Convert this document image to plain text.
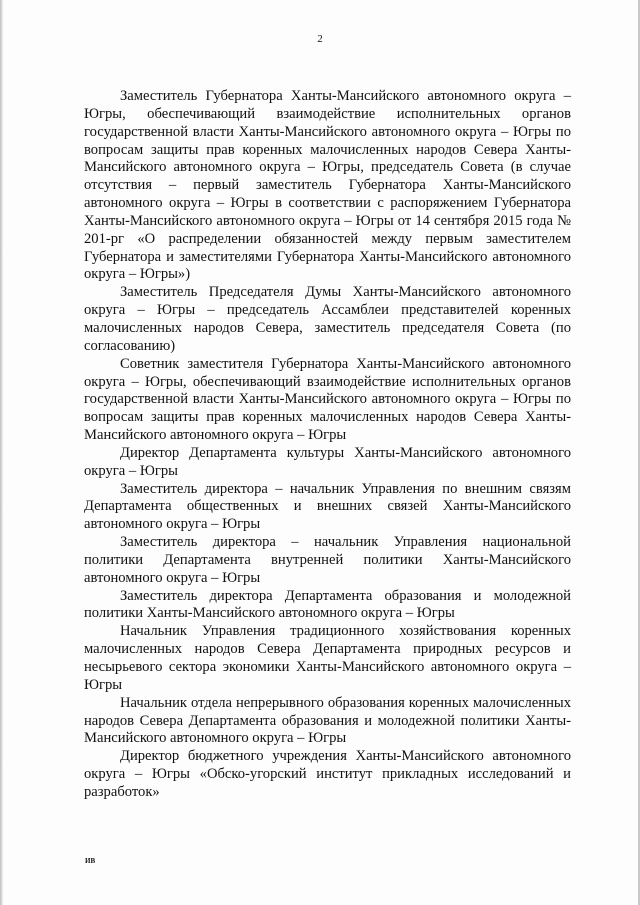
2

Заместитель Губернатора Ханты-Мансийского автономного округа – Югры, обеспечивающий взаимодействие исполнительных органов государственной власти Ханты-Мансийского автономного округа – Югры по вопросам защиты прав коренных малочисленных народов Севера Ханты-Мансийского автономного округа – Югры, председатель Совета (в случае отсутствия – первый заместитель Губернатора Ханты-Мансийского автономного округа – Югры в соответствии с распоряжением Губернатора Ханты-Мансийского автономного округа – Югры от 14 сентября 2015 года № 201-рг «О распределении обязанностей между первым заместителем Губернатора и заместителями Губернатора Ханты-Мансийского автономного округа – Югры»)

Заместитель Председателя Думы Ханты-Мансийского автономного округа – Югры – председатель Ассамблеи представителей коренных малочисленных народов Севера, заместитель председателя Совета (по согласованию)

Советник заместителя Губернатора Ханты-Мансийского автономного округа – Югры, обеспечивающий взаимодействие исполнительных органов государственной власти Ханты-Мансийского автономного округа – Югры по вопросам защиты прав коренных малочисленных народов Севера Ханты-Мансийского автономного округа – Югры

Директор Департамента культуры Ханты-Мансийского автономного округа – Югры

Заместитель директора – начальник Управления по внешним связям Департамента общественных и внешних связей Ханты-Мансийского автономного округа – Югры

Заместитель директора – начальник Управления национальной политики Департамента внутренней политики Ханты-Мансийского автономного округа – Югры

Заместитель директора Департамента образования и молодежной политики Ханты-Мансийского автономного округа – Югры

Начальник Управления традиционного хозяйствования коренных малочисленных народов Севера Департамента природных ресурсов и несырьевого сектора экономики Ханты-Мансийского автономного округа – Югры

Начальник отдела непрерывного образования коренных малочисленных народов Севера Департамента образования и молодежной политики Ханты-Мансийского автономного округа – Югры

Директор бюджетного учреждения Ханты-Мансийского автономного округа – Югры «Обско-угорский институт прикладных исследований и разработок»

ИВ
